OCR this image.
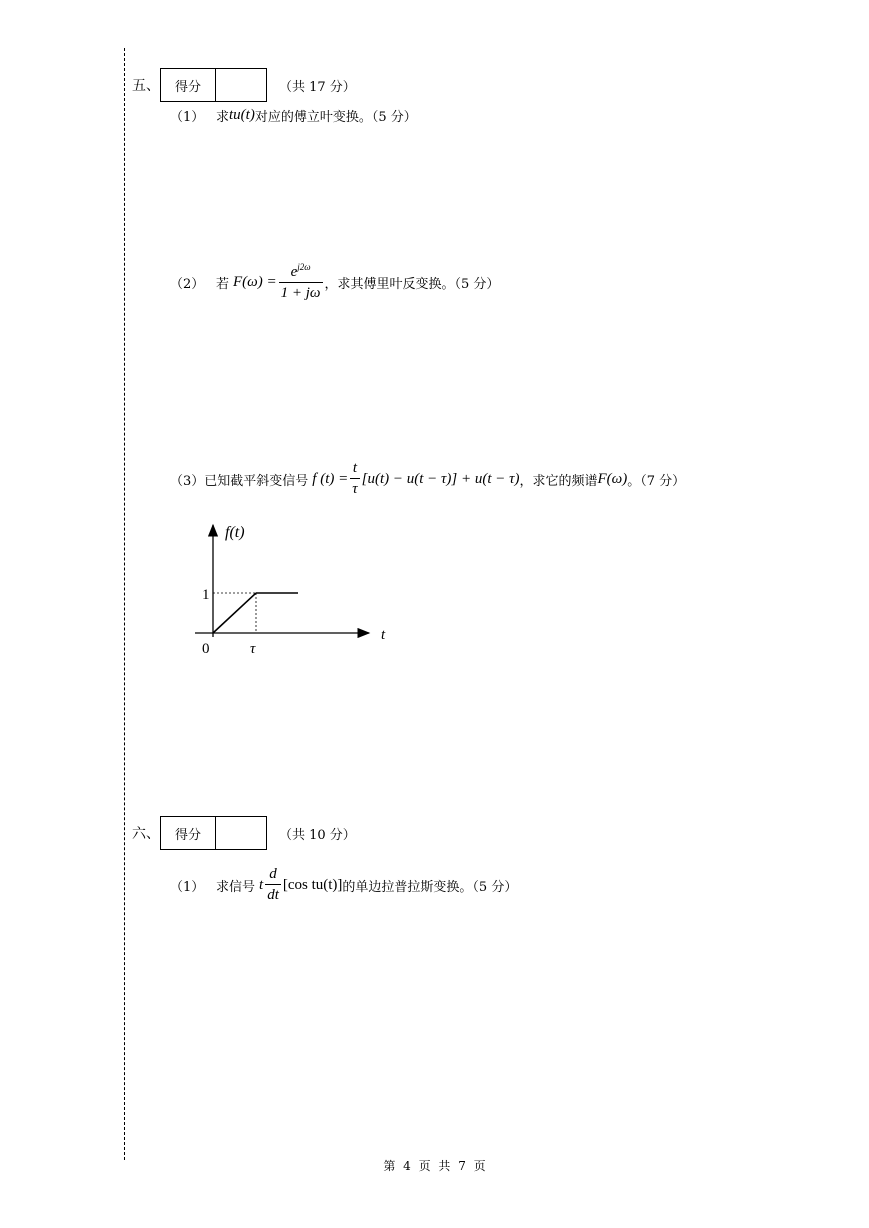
五、	得分	（共 17 分）
（1） 求 tu(t) 对应的傅立叶变换。（5 分）
（2） 若 $F(\omega) = \frac{e^{j2\omega}}{1 + j\omega}$ ，求其傅里叶反变换。（5 分）
（3） 已知截平斜变信号 f $(t) = \frac{t}{\tau} [u(t) - u(t - \tau)] + u(t - \tau)$ ，求它的频谱 F(ω) 。（7 分）
f(t)
t
1
0	τ
六、	得分	（共 10 分）
（1） 求信号 t $\frac{d}{dt} [\cos$ tu(t)] 的单边拉普拉斯变换。（5 分）
第 4 页 共 7 页
